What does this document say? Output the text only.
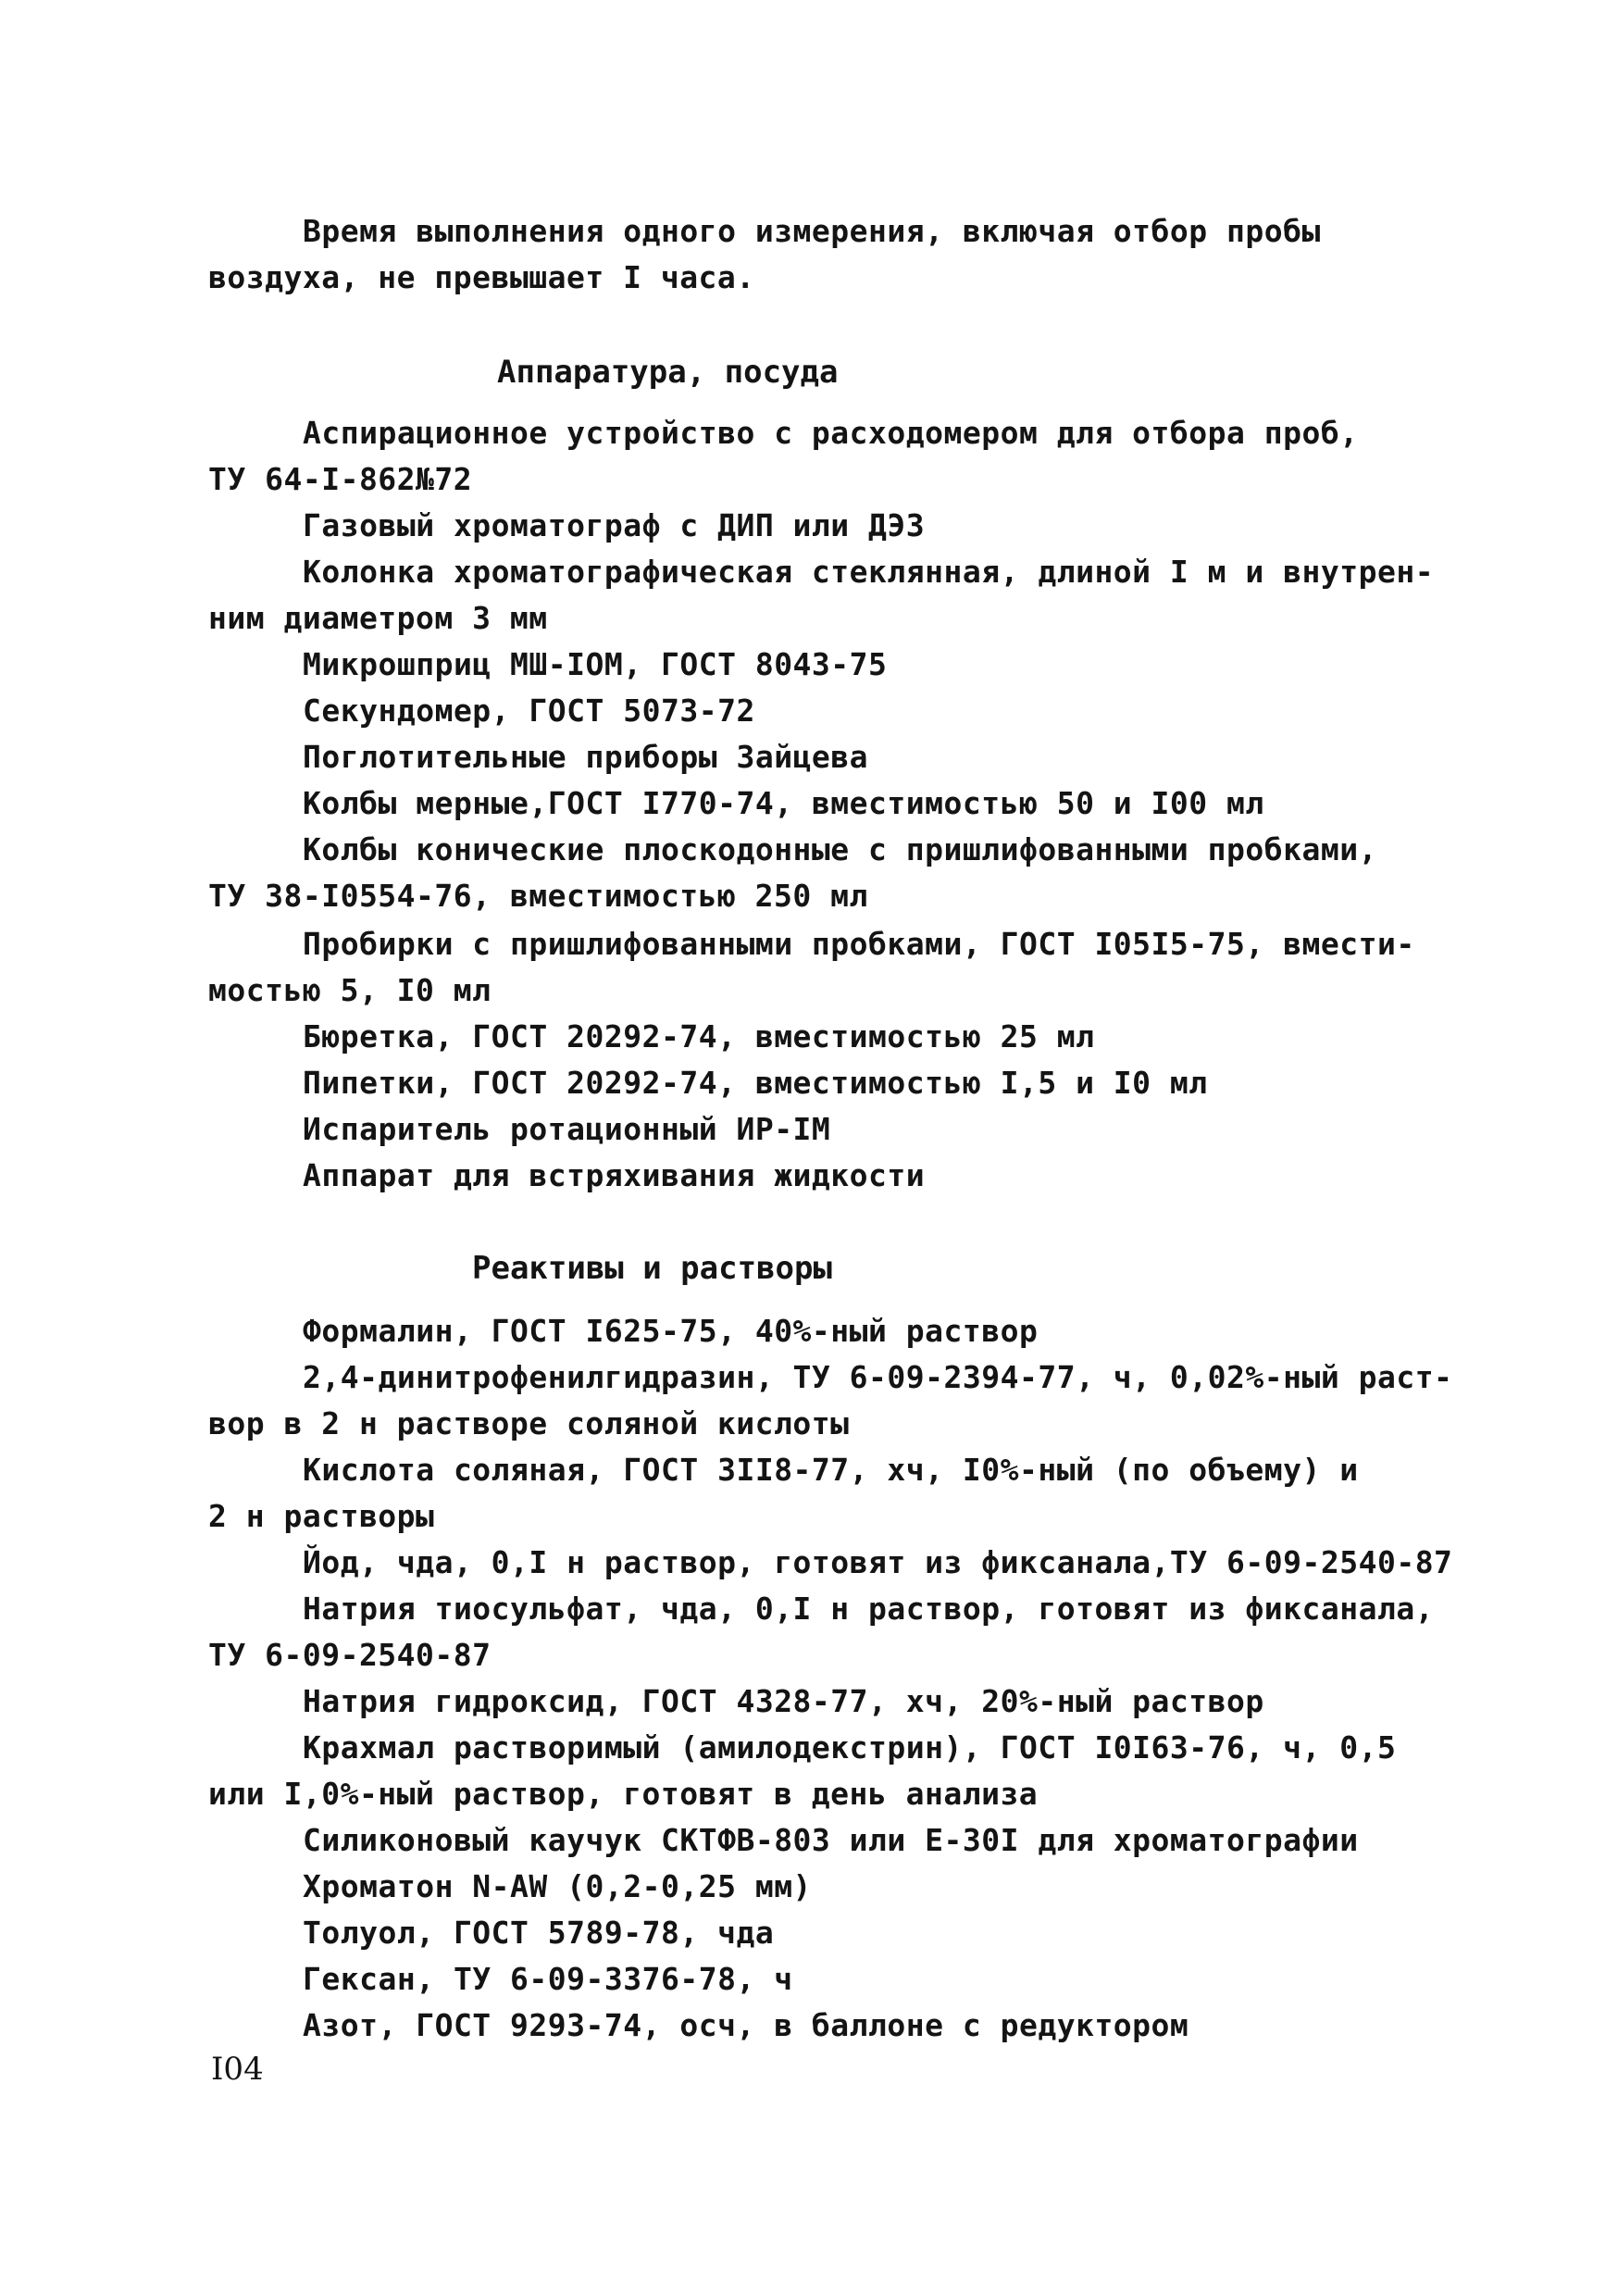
Время выполнения одного измерения, включая отбор пробы
воздуха, не превышает I часа.
Аппаратура, посуда
Аспирационное устройство с расходомером для отбора проб,
ТУ 64-I-862№72
Газовый хроматограф с ДИП или ДЭЗ
Колонка хроматографическая стеклянная, длиной I м и внутрен-
ним диаметром 3 мм
Микрошприц МШ-IOM, ГОСТ 8043-75
Секундомер, ГОСТ 5073-72
Поглотительные приборы Зайцева
Колбы мерные,ГОСТ I770-74, вместимостью 50 и I00 мл
Колбы конические плоскодонные с пришлифованными пробками,
ТУ 38-I0554-76, вместимостью 250 мл
Пробирки с пришлифованными пробками, ГОСТ I05I5-75, вмести-
мостью 5, I0 мл
Бюретка, ГОСТ 20292-74, вместимостью 25 мл
Пипетки, ГОСТ 20292-74, вместимостью I,5 и I0 мл
Испаритель ротационный ИР-IМ
Аппарат для встряхивания жидкости
Реактивы и растворы
Формалин, ГОСТ I625-75, 40%-ный раствор
2,4-динитрофенилгидразин, ТУ 6-09-2394-77, ч, 0,02%-ный раст-
вор в 2 н растворе соляной кислоты
Кислота соляная, ГОСТ 3II8-77, хч, I0%-ный (по объему) и
2 н растворы
Йод, чда, 0,I н раствор, готовят из фиксанала,ТУ 6-09-2540-87
Натрия тиосульфат, чда, 0,I н раствор, готовят из фиксанала,
ТУ 6-09-2540-87
Натрия гидроксид, ГОСТ 4328-77, хч, 20%-ный раствор
Крахмал растворимый (амилодекстрин), ГОСТ I0I63-76, ч, 0,5
или I,0%-ный раствор, готовят в день анализа
Силиконовый каучук СКТФВ-803 или Е-30I для хроматографии
Хроматон N-AW (0,2-0,25 мм)
Толуол, ГОСТ 5789-78, чда
Гексан, ТУ 6-09-3376-78, ч
Азот, ГОСТ 9293-74, осч, в баллоне с редуктором
I04
